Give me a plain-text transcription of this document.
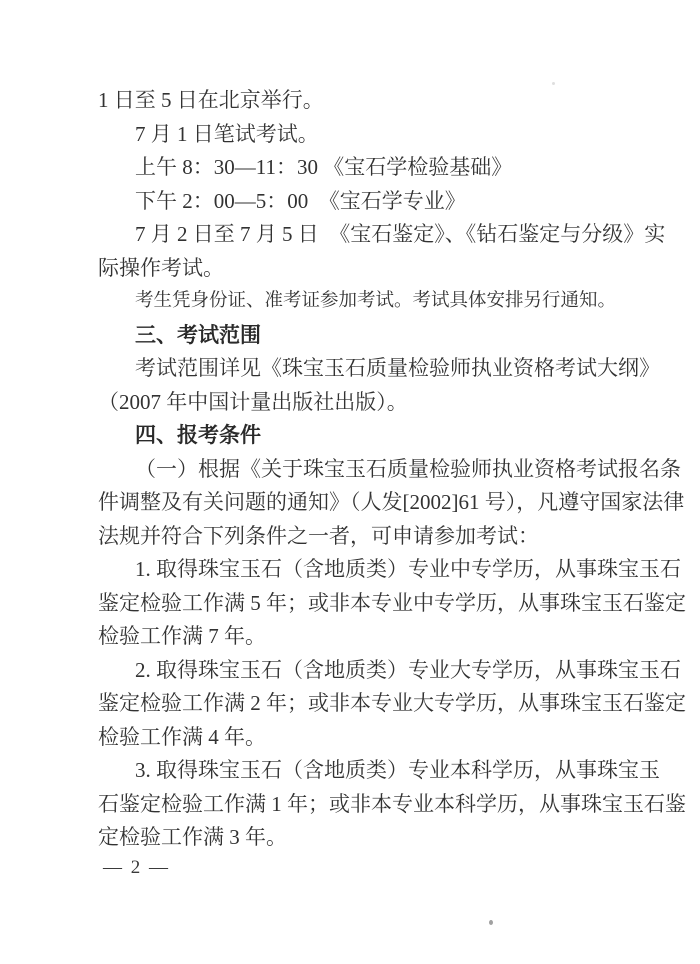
1 日至 5 日在北京举行。
7 月 1 日笔试考试。
上午 8：30—11：30 《宝石学检验基础》
下午 2：00—5：00　《宝石学专业》
7 月 2 日至 7 月 5 日　《宝石鉴定》、《钻石鉴定与分级》实
际操作考试。
考生凭身份证、准考证参加考试。考试具体安排另行通知。
三、考试范围
考试范围详见《珠宝玉石质量检验师执业资格考试大纲》
（2007 年中国计量出版社出版）。
四、报考条件
（一）根据《关于珠宝玉石质量检验师执业资格考试报名条
件调整及有关问题的通知》（人发[2002]61 号），凡遵守国家法律
法规并符合下列条件之一者，可申请参加考试：
1. 取得珠宝玉石（含地质类）专业中专学历，从事珠宝玉石
鉴定检验工作满 5 年；或非本专业中专学历，从事珠宝玉石鉴定
检验工作满 7 年。
2. 取得珠宝玉石（含地质类）专业大专学历，从事珠宝玉石
鉴定检验工作满 2 年；或非本专业大专学历，从事珠宝玉石鉴定
检验工作满 4 年。
3. 取得珠宝玉石（含地质类）专业本科学历，从事珠宝玉
石鉴定检验工作满 1 年；或非本专业本科学历，从事珠宝玉石鉴
定检验工作满 3 年。
— 2 —
